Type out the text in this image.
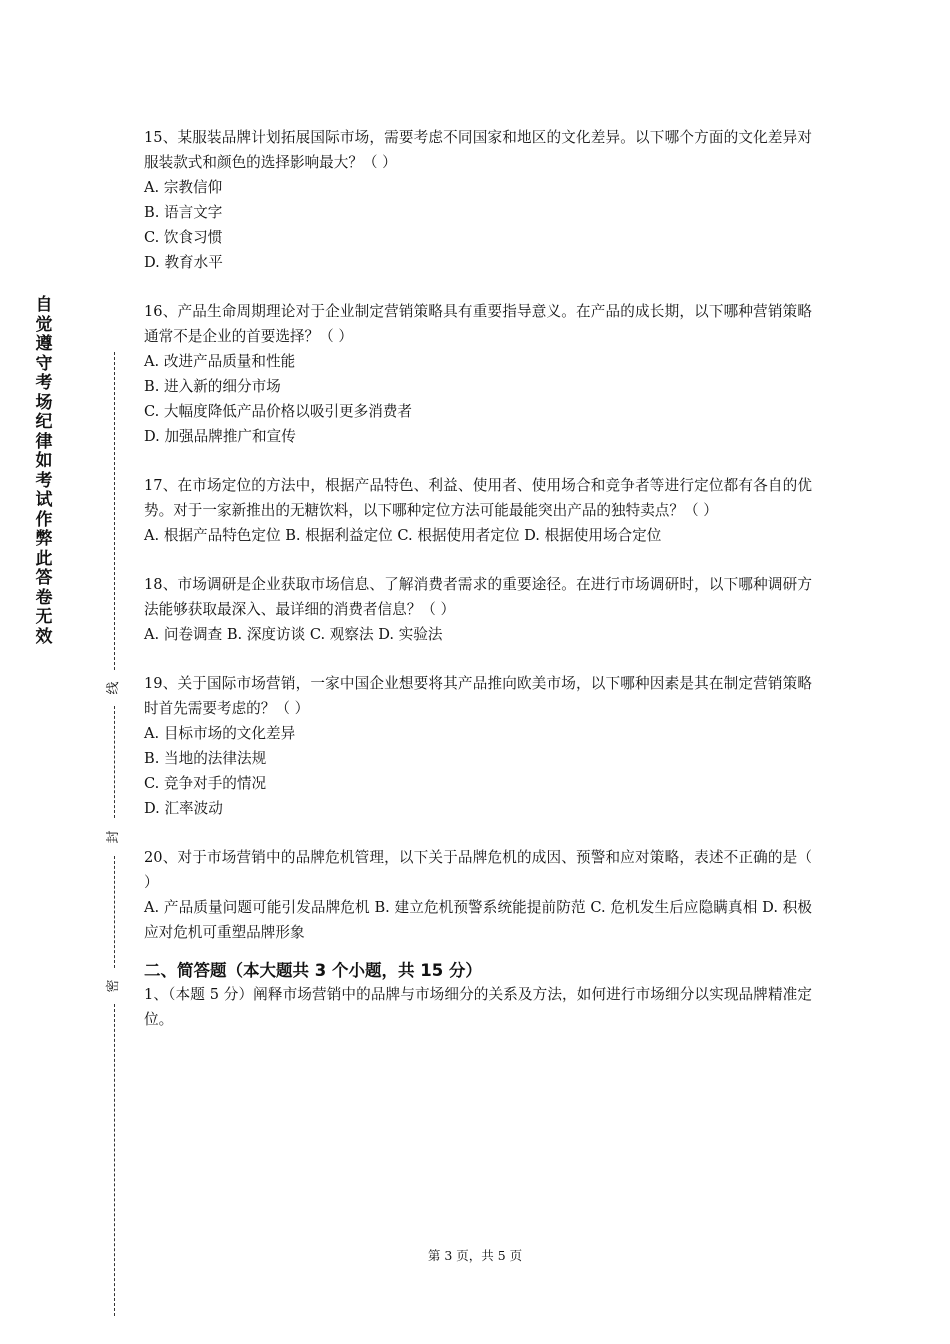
自觉遵守考场纪律如考试作弊此答卷无效
线
封
密

15、某服装品牌计划拓展国际市场，需要考虑不同国家和地区的文化差异。以下哪个方面的文化差异对服装款式和颜色的选择影响最大？（ ）

A. 宗教信仰

B. 语言文字

C. 饮食习惯

D. 教育水平

16、产品生命周期理论对于企业制定营销策略具有重要指导意义。在产品的成长期，以下哪种营销策略通常不是企业的首要选择？（ ）

A. 改进产品质量和性能

B. 进入新的细分市场

C. 大幅度降低产品价格以吸引更多消费者

D. 加强品牌推广和宣传

17、在市场定位的方法中，根据产品特色、利益、使用者、使用场合和竞争者等进行定位都有各自的优势。对于一家新推出的无糖饮料，以下哪种定位方法可能最能突出产品的独特卖点？（ ）

A. 根据产品特色定位 B. 根据利益定位 C. 根据使用者定位 D. 根据使用场合定位

18、市场调研是企业获取市场信息、了解消费者需求的重要途径。在进行市场调研时，以下哪种调研方法能够获取最深入、最详细的消费者信息？（ ）

A. 问卷调查 B. 深度访谈 C. 观察法 D. 实验法

19、关于国际市场营销，一家中国企业想要将其产品推向欧美市场，以下哪种因素是其在制定营销策略时首先需要考虑的？（ ）

A. 目标市场的文化差异

B. 当地的法律法规

C. 竞争对手的情况

D. 汇率波动

20、对于市场营销中的品牌危机管理，以下关于品牌危机的成因、预警和应对策略，表述不正确的是（ ）

A. 产品质量问题可能引发品牌危机 B. 建立危机预警系统能提前防范 C. 危机发生后应隐瞒真相 D. 积极应对危机可重塑品牌形象

二、简答题（本大题共 3 个小题，共 15 分）

1、（本题 5 分）阐释市场营销中的品牌与市场细分的关系及方法，如何进行市场细分以实现品牌精准定位。

第 3 页，共 5 页
